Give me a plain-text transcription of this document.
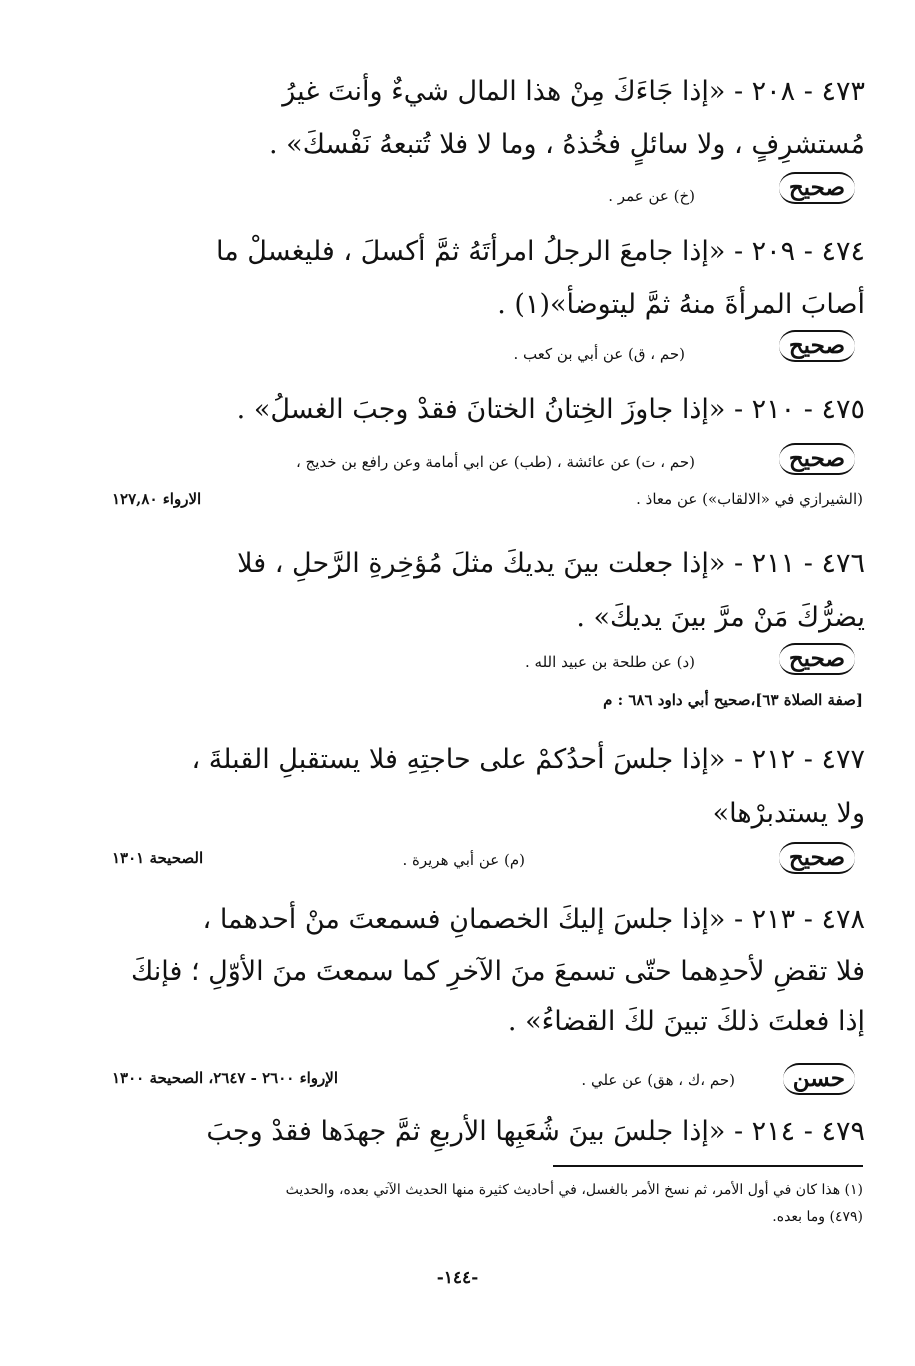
٤٧٣ - ٢٠٨ - «إذا جَاءَكَ مِنْ هذا المال شيءٌ وأنتَ غيرُ
مُستشرِفٍ ، ولا سائلٍ فخُذهُ ، وما لا فلا تُتبعهُ نَفْسكَ» .
صحيح
(خ) عن عمر .
٤٧٤ - ٢٠٩ - «إذا جامعَ الرجلُ امرأتَهُ ثمَّ أكسلَ ، فليغسلْ ما
أصابَ المرأةَ منهُ ثمَّ ليتوضأ»(١) .
صحيح
(حم ، ق) عن أبي بن كعب .
٤٧٥ - ٢١٠ - «إذا جاوزَ الخِتانُ الختانَ فقدْ وجبَ الغسلُ» .
صحيح
(حم ، ت) عن عائشة ، (طب) عن ابي أمامة وعن رافع بن خديج ،
(الشيرازي في «الالقاب») عن معاذ .
الارواء ١٢٧,٨٠
٤٧٦ - ٢١١ - «إذا جعلت بينَ يديكَ مثلَ مُؤخِرةِ الرَّحلِ ، فلا
يضرُّكَ مَنْ مرَّ بينَ يديكَ» .
صحيح
(د) عن طلحة بن عبيد الله .
[صفة الصلاة ٦٣]،صحيح أبي داود ٦٨٦ : م
٤٧٧ - ٢١٢ - «إذا جلسَ أحدُكمْ على حاجتِهِ فلا يستقبلِ القبلةَ ،
ولا يستدبرْها»
صحيح
(م) عن أبي هريرة .
الصحيحة ١٣٠١
٤٧٨ - ٢١٣ - «إذا جلسَ إليكَ الخصمانِ فسمعتَ منْ أحدهما ،
فلا تقضِ لأحدِهما حتّى تسمعَ منَ الآخرِ كما سمعتَ منَ الأوّلِ ؛ فإنكَ
إذا فعلتَ ذلكَ تبينَ لكَ القضاءُ» .
حسن
(حم ،ك ، هق) عن علي .
الإرواء ٢٦٠٠ - ٢٦٤٧، الصحيحة ١٣٠٠
٤٧٩ - ٢١٤ - «إذا جلسَ بينَ شُعَبِها الأربعِ ثمَّ جهدَها فقدْ وجبَ
(١) هذا كان في أول الأمر، ثم نسخ الأمر بالغسل، في أحاديث كثيرة منها الحديث الآتي بعده، والحديث
(٤٧٩) وما بعده.
-١٤٤-
